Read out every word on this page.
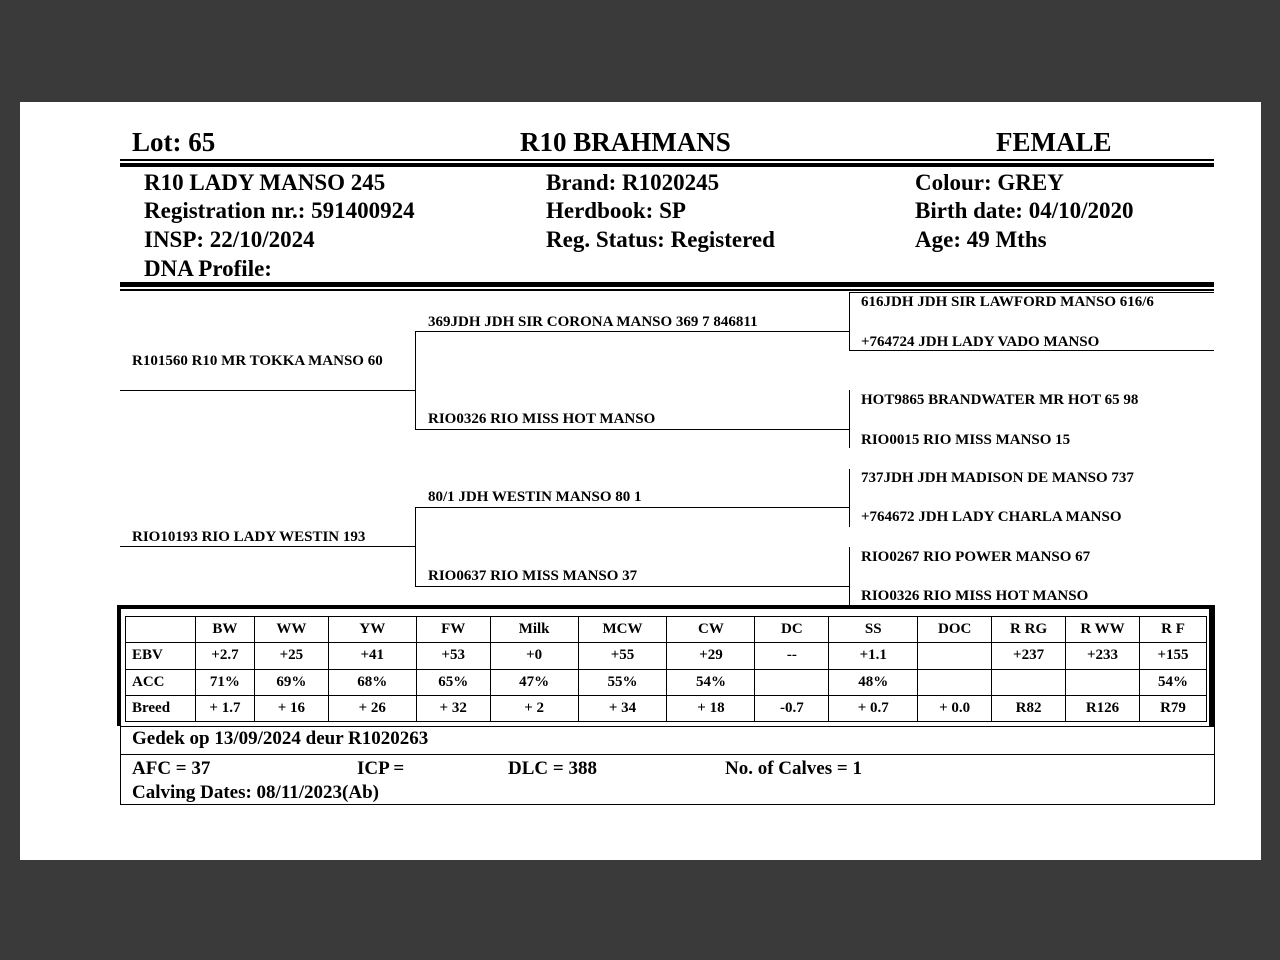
Lot: 65	R10 BRAHMANS	FEMALE
R10 LADY MANSO 245
Registration nr.: 591400924
INSP: 22/10/2024
DNA Profile:
Brand: R1020245
Herdbook: SP
Reg. Status: Registered
Colour: GREY
Birth date: 04/10/2020
Age: 49 Mths
R101560 R10 MR TOKKA MANSO 60
RIO10193 RIO LADY WESTIN 193
369JDH JDH SIR CORONA MANSO 369 7 846811
RIO0326 RIO MISS HOT MANSO
80/1 JDH WESTIN MANSO 80 1
RIO0637 RIO MISS MANSO 37
616JDH JDH SIR LAWFORD MANSO 616/6
+764724 JDH LADY VADO MANSO
HOT9865 BRANDWATER MR HOT 65 98
RIO0015 RIO MISS MANSO 15
737JDH JDH MADISON DE MANSO 737
+764672 JDH LADY CHARLA MANSO
RIO0267 RIO POWER MANSO 67
RIO0326 RIO MISS HOT MANSO
	BW	WW	YW	FW	Milk	MCW	CW	DC	SS	DOC	R RG	R WW	R F
EBV	+2.7	+25	+41	+53	+0	+55	+29	--	+1.1		+237	+233	+155
ACC	71%	69%	68%	65%	47%	55%	54%		48%				54%
Breed	+ 1.7	+ 16	+ 26	+ 32	+ 2	+ 34	+ 18	-0.7	+ 0.7	+ 0.0	R82	R126	R79
Gedek op 13/09/2024 deur R1020263
AFC = 37	ICP =	DLC = 388	No. of Calves = 1
Calving Dates: 08/11/2023(Ab)
